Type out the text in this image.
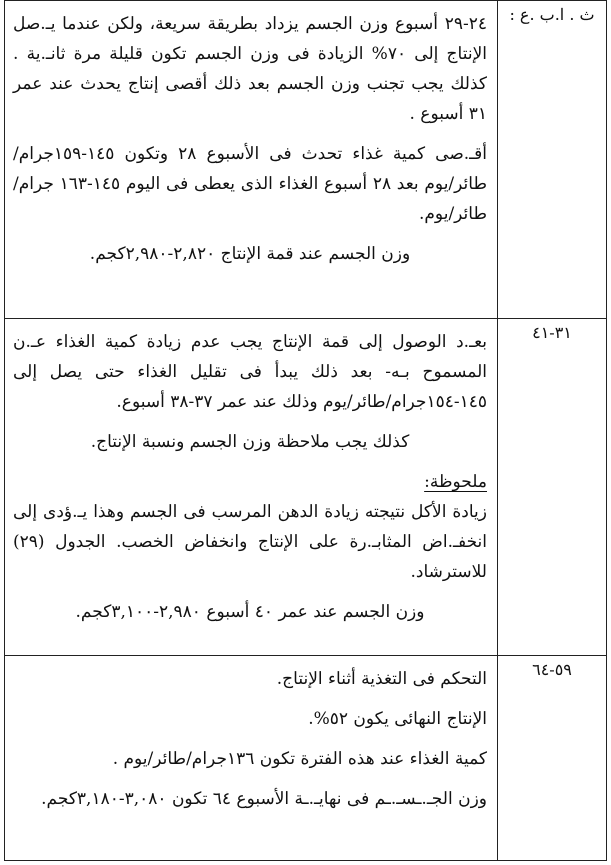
ث . ا.ب .ع :	٢٤-٢٩ أسبوع وزن الجسم يزداد بطريقة سريعة، ولكن عندما يـ.صل الإنتاج إلى ٧٠% الزيادة فى وزن الجسم تكون قليلة مرة ثانـ.ية . كذلك يجب تجنب وزن الجسم بعد ذلك أقصى إنتاج يحدث عند عمر ٣١ أسبوع .

أقـ.صى كمية غذاء تحدث فى الأسبوع ٢٨ وتكون ١٤٥-١٥٩جرام/طائر/يوم بعد ٢٨ أسبوع الغذاء الذى يعطى فى اليوم ١٤٥-١٦٣ جرام/طائر/يوم.

وزن الجسم عند قمة الإنتاج ٢,٨٢٠-٢,٩٨٠كجم.

٣١-٤١	بعـ.د الوصول إلى قمة الإنتاج يجب عدم زيادة كمية الغذاء عـ.ن المسموح بـه- بعد ذلك يبدأ فى تقليل الغذاء حتى يصل إلى ١٤٥-١٥٤جرام/طائر/يوم وذلك عند عمر ٣٧-٣٨ أسبوع.

كذلك يجب ملاحظة وزن الجسم ونسبة الإنتاج.

ملحوظة:

زيادة الأكل نتيجته زيادة الدهن المرسب فى الجسم وهذا يـ.ؤدى إلى انخفـ.اض المثابـ.رة على الإنتاج وانخفاض الخصب. الجدول (٢٩) للاسترشاد.

وزن الجسم عند عمر ٤٠ أسبوع ٢,٩٨٠-٣,١٠٠كجم.

٥٩-٦٤	التحكم فى التغذية أثناء الإنتاج.

الإنتاج النهائى يكون ٥٢%.

كمية الغذاء عند هذه الفترة تكون ١٣٦جرام/طائر/يوم .

وزن الجـ.ـسـ.ـم فى نهايـ.ـة الأسبوع ٦٤ تكون ٣,٠٨٠-٣,١٨٠كجم.
